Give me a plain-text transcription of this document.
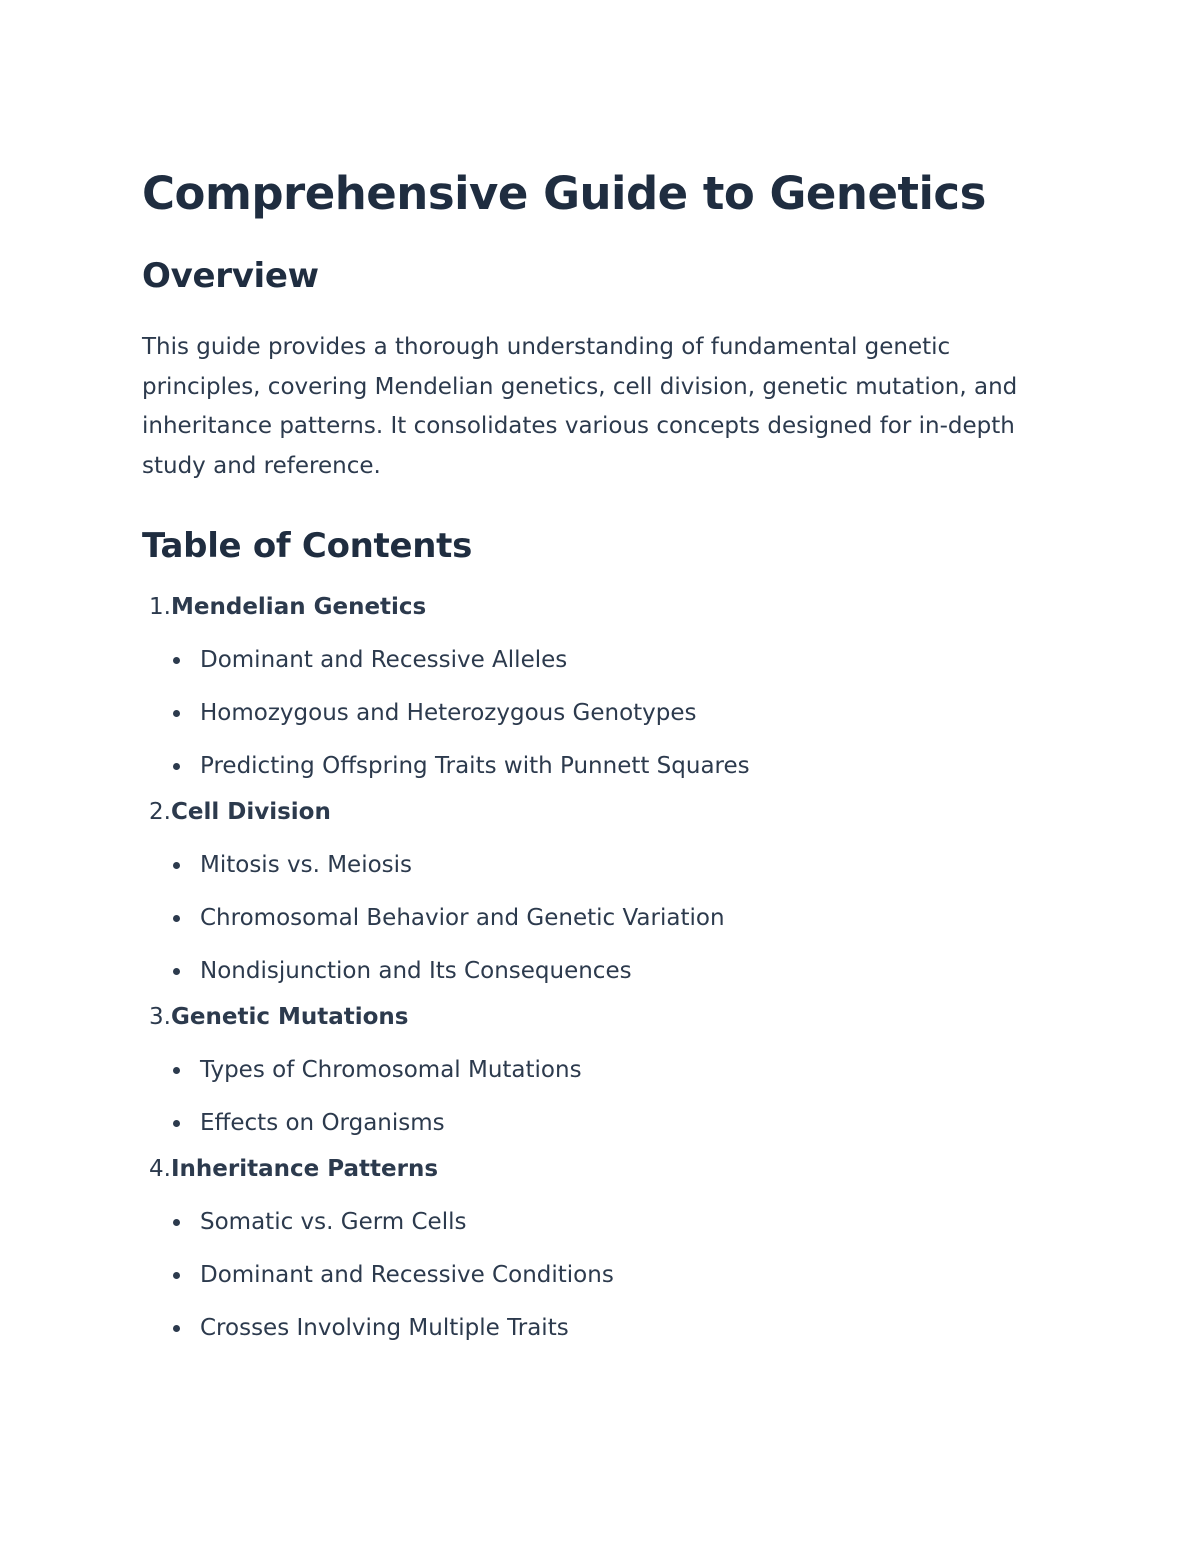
Comprehensive Guide to Genetics
Overview

This guide provides a thorough understanding of fundamental genetic principles, covering Mendelian genetics, cell division, genetic mutation, and inheritance patterns. It consolidates various concepts designed for in-depth study and reference.

Table of Contents
1. Mendelian Genetics
Dominant and Recessive Alleles
Homozygous and Heterozygous Genotypes
Predicting Offspring Traits with Punnett Squares
2. Cell Division
Mitosis vs. Meiosis
Chromosomal Behavior and Genetic Variation
Nondisjunction and Its Consequences
3. Genetic Mutations
Types of Chromosomal Mutations
Effects on Organisms
4. Inheritance Patterns
Somatic vs. Germ Cells
Dominant and Recessive Conditions
Crosses Involving Multiple Traits
